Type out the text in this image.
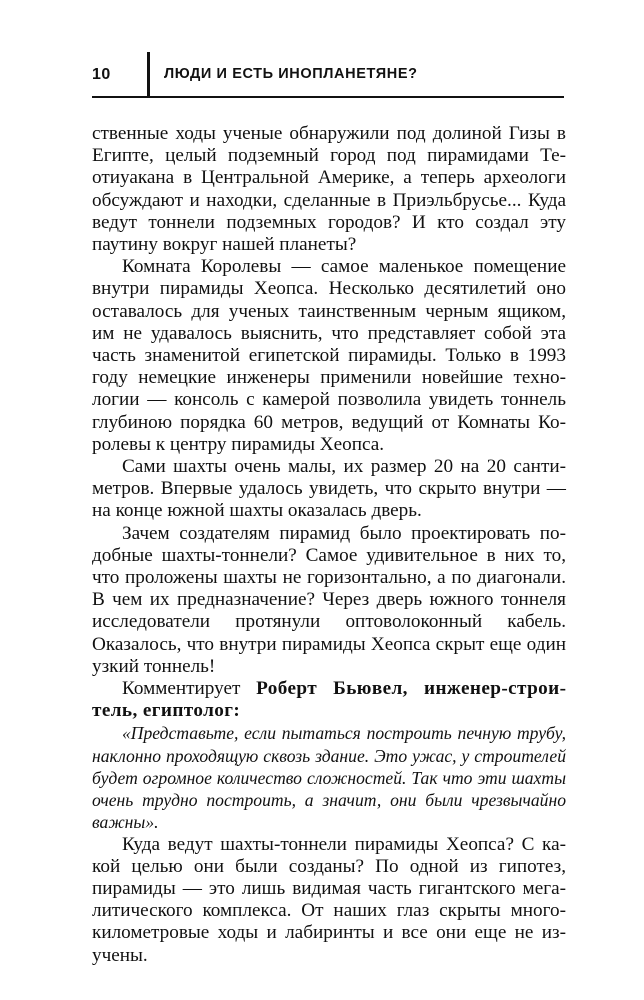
10	ЛЮДИ И ЕСТЬ ИНОПЛАНЕТЯНЕ?

ственные ходы ученые обнаружили под долиной Гизы в Египте, целый подземный город под пирамидами Теотиуакана в Центральной Америке, а теперь археологи обсуждают и находки, сделанные в Приэльбрусье... Куда ведут тоннели подземных городов? И кто создал эту паутину вокруг нашей планеты?

Комната Королевы — самое маленькое помещение внутри пирамиды Хеопса. Несколько десятилетий оно оставалось для ученых таинственным черным ящиком, им не удавалось выяснить, что представляет собой эта часть знаменитой египетской пирамиды. Только в 1993 году немецкие инженеры применили новейшие технологии — консоль с камерой позволила увидеть тоннель глубиною порядка 60 метров, ведущий от Комнаты Королевы к центру пирамиды Хеопса.

Сами шахты очень малы, их размер 20 на 20 сантиметров. Впервые удалось увидеть, что скрыто внутри — на конце южной шахты оказалась дверь.

Зачем создателям пирамид было проектировать подобные шахты-тоннели? Самое удивительное в них то, что проложены шахты не горизонтально, а по диагонали. В чем их предназначение? Через дверь южного тоннеля исследователи протянули оптоволоконный кабель. Оказалось, что внутри пирамиды Хеопса скрыт еще один узкий тоннель!

Комментирует Роберт Бьювел, инженер-строитель, египтолог:

«Представьте, если пытаться построить печную трубу, наклонно проходящую сквозь здание. Это ужас, у строителей будет огромное количество сложностей. Так что эти шахты очень трудно построить, а значит, они были чрезвычайно важны».

Куда ведут шахты-тоннели пирамиды Хеопса? С какой целью они были созданы? По одной из гипотез, пирамиды — это лишь видимая часть гигантского мегалитического комплекса. От наших глаз скрыты многокилометровые ходы и лабиринты и все они еще не изучены.
